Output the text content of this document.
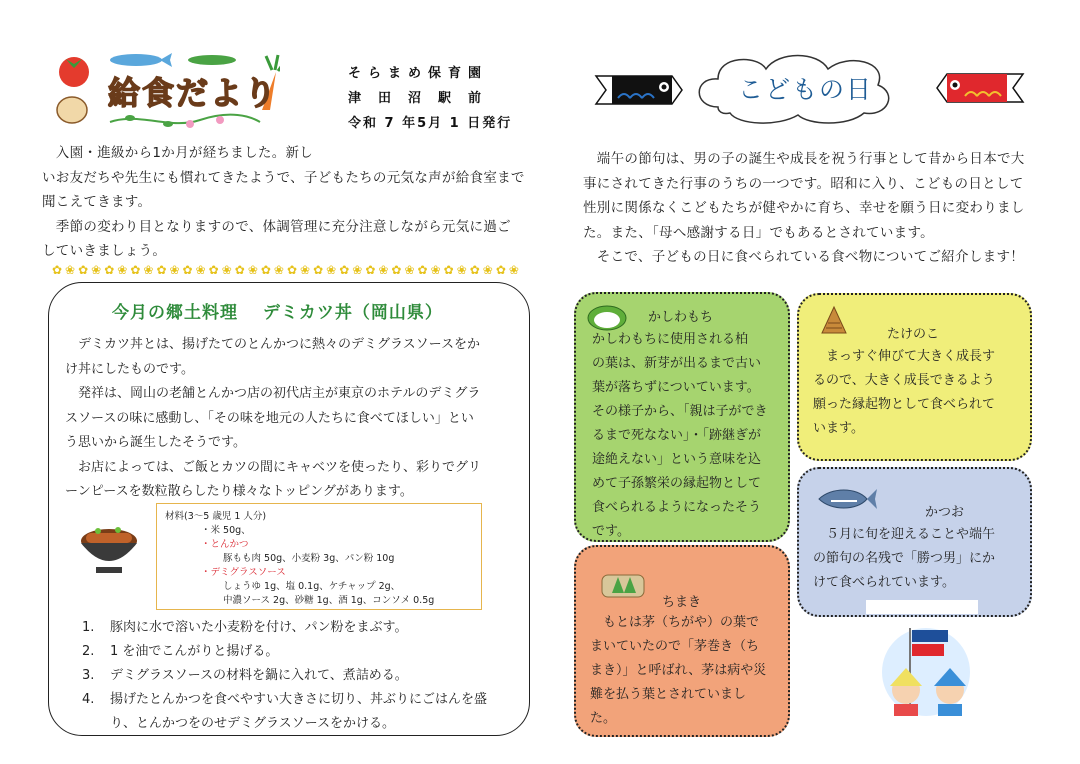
給食だより
そらまめ保育園
津田沼駅前
令和 7 年5月 1 日発行

　入園・進級から1か月が経ちました。新し

いお友だちや先生にも慣れてきたようで、子どもたちの元気な声が給食室まで

聞こえてきます。

　季節の変わり目となりますので、体調管理に充分注意しながら元気に過ご

していきましょう。

✿❀✿❀✿❀✿❀✿❀✿❀✿❀✿❀✿❀✿❀✿❀✿❀✿❀✿❀✿❀✿❀✿❀✿❀
今月の郷土料理　 デミカツ丼（岡山県）

　デミカツ丼とは、揚げたてのとんかつに熱々のデミグラスソースをか

け丼にしたものです。

　発祥は、岡山の老舗とんかつ店の初代店主が東京のホテルのデミグラ

スソースの味に感動し、「その味を地元の人たちに食べてほしい」とい

う思いから誕生したそうです。

　お店によっては、ご飯とカツの間にキャベツを使ったり、彩りでグリ

ーンピースを数粒散らしたり様々なトッピングがあります。

材料(3～5 歳児 1 人分)
・米 50g、
・とんかつ
豚もも肉 50g、小麦粉 3g、パン粉 10g
・デミグラスソース
しょうゆ 1g、塩 0.1g、ケチャップ 2g、
中濃ソース 2g、砂糖 1g、酒 1g、コンソメ 0.5g
1.	豚肉に水で溶いた小麦粉を付け、パン粉をまぶす。
2.	1 を油でこんがりと揚げる。
3.	デミグラスソースの材料を鍋に入れて、煮詰める。
4.	揚げたとんかつを食べやすい大きさに切り、丼ぶりにごはんを盛
り、とんかつをのせデミグラスソースをかける。
こどもの日

　端午の節句は、男の子の誕生や成長を祝う行事として昔から日本で大

事にされてきた行事のうちの一つです。昭和に入り、こどもの日として

性別に関係なくこどもたちが健やかに育ち、幸せを願う日に変わりまし

た。また、「母へ感謝する日」でもあるとされています。

　そこで、子どもの日に食べられている食べ物についてご紹介します！

かしわもち
かしわもちに使用される柏
の葉は、新芽が出るまで古い
葉が落ちずについています。
その様子から、「親は子ができ
るまで死なない」・「跡継ぎが
途絶えない」という意味を込
めて子孫繁栄の縁起物として
食べられるようになったそう
です。
たけのこ
　まっすぐ伸びて大きく成長す
るので、大きく成長できるよう
願った縁起物として食べられて
います。
かつお
　５月に旬を迎えることや端午
の節句の名残で「勝つ男」にか
けて食べられています。
ちまき
　もとは茅（ちがや）の葉で
まいていたので「茅巻き（ち
まき）」と呼ばれ、茅は病や災
難を払う葉とされていまし
た。
